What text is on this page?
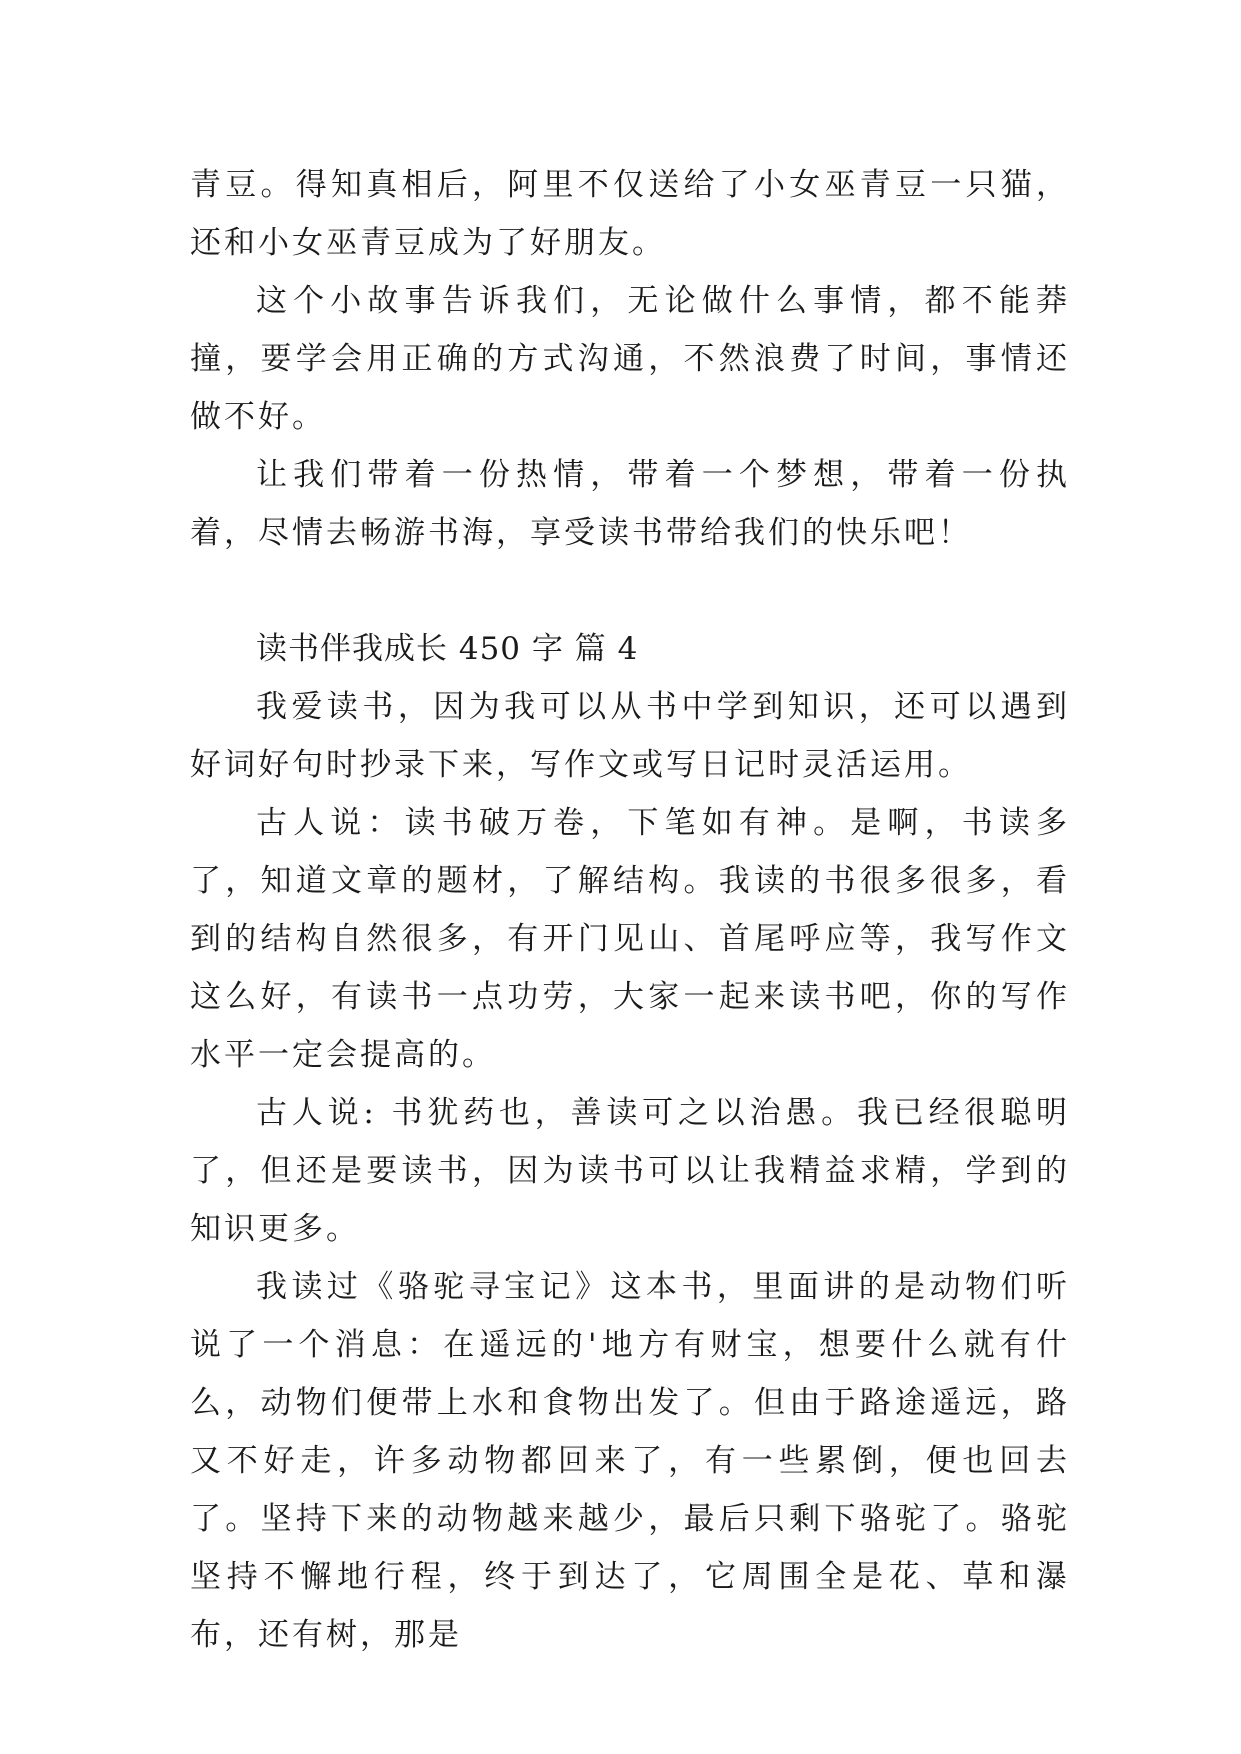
青豆。得知真相后，阿里不仅送给了小女巫青豆一只猫，还和小女巫青豆成为了好朋友。

这个小故事告诉我们，无论做什么事情，都不能莽撞，要学会用正确的方式沟通，不然浪费了时间，事情还做不好。

让我们带着一份热情，带着一个梦想，带着一份执着，尽情去畅游书海，享受读书带给我们的快乐吧！

读书伴我成长 450 字 篇 4

我爱读书，因为我可以从书中学到知识，还可以遇到好词好句时抄录下来，写作文或写日记时灵活运用。

古人说：读书破万卷，下笔如有神。是啊，书读多了，知道文章的题材，了解结构。我读的书很多很多，看到的结构自然很多，有开门见山、首尾呼应等，我写作文这么好，有读书一点功劳，大家一起来读书吧，你的写作水平一定会提高的。

古人说: 书犹药也，善读可之以治愚。我已经很聪明了，但还是要读书，因为读书可以让我精益求精，学到的知识更多。

我读过《骆驼寻宝记》这本书，里面讲的是动物们听说了一个消息：在遥远的'地方有财宝，想要什么就有什么，动物们便带上水和食物出发了。但由于路途遥远，路又不好走，许多动物都回来了，有一些累倒，便也回去了。坚持下来的动物越来越少，最后只剩下骆驼了。骆驼坚持不懈地行程，终于到达了，它周围全是花、草和瀑布，还有树，那是
